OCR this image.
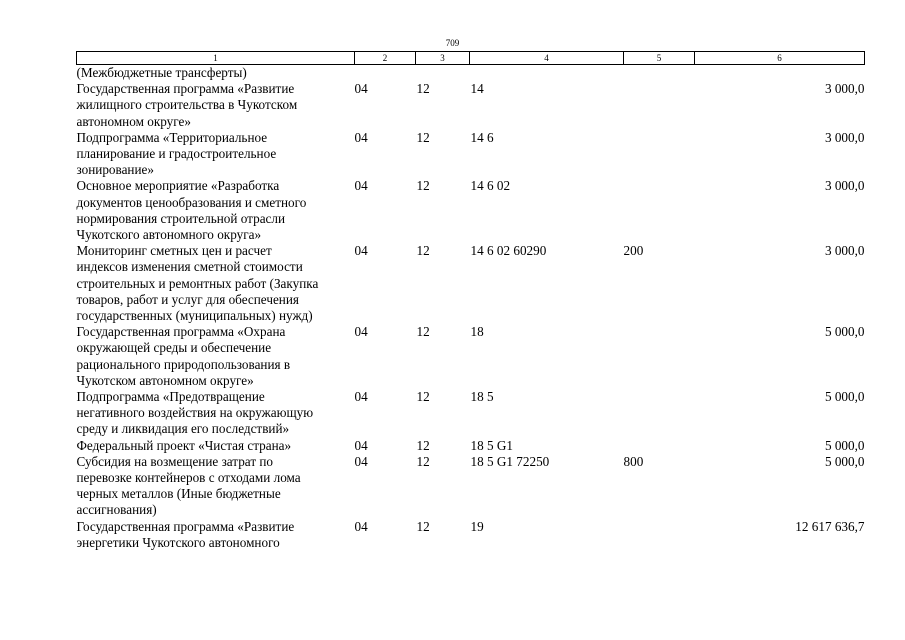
709
1	2	3	4	5	6

(Межбюджетные трансферты)					

Государственная программа «Развитие
жилищного строительства в Чукотском
автономном округе»	04	12	14		3 000,0

Подпрограмма «Территориальное
планирование и градостроительное
зонирование»	04	12	14 6		3 000,0

Основное мероприятие «Разработка
документов ценообразования и сметного
нормирования строительной отрасли
Чукотского автономного округа»	04	12	14 6 02		3 000,0

Мониторинг сметных цен и расчет
индексов изменения сметной стоимости
строительных и ремонтных работ (Закупка
товаров, работ и услуг для обеспечения
государственных (муниципальных) нужд)	04	12	14 6 02 60290	200	3 000,0

Государственная программа «Охрана
окружающей среды и обеспечение
рационального природопользования в
Чукотском автономном округе»	04	12	18		5 000,0

Подпрограмма «Предотвращение
негативного воздействия на окружающую
среду и ликвидация его последствий»	04	12	18 5		5 000,0

Федеральный проект «Чистая страна»	04	12	18 5 G1		5 000,0

Субсидия на возмещение затрат по
перевозке контейнеров с отходами лома
черных металлов (Иные бюджетные
ассигнования)	04	12	18 5 G1 72250	800	5 000,0

Государственная программа «Развитие
энергетики Чукотского автономного	04	12	19		12 617 636,7
